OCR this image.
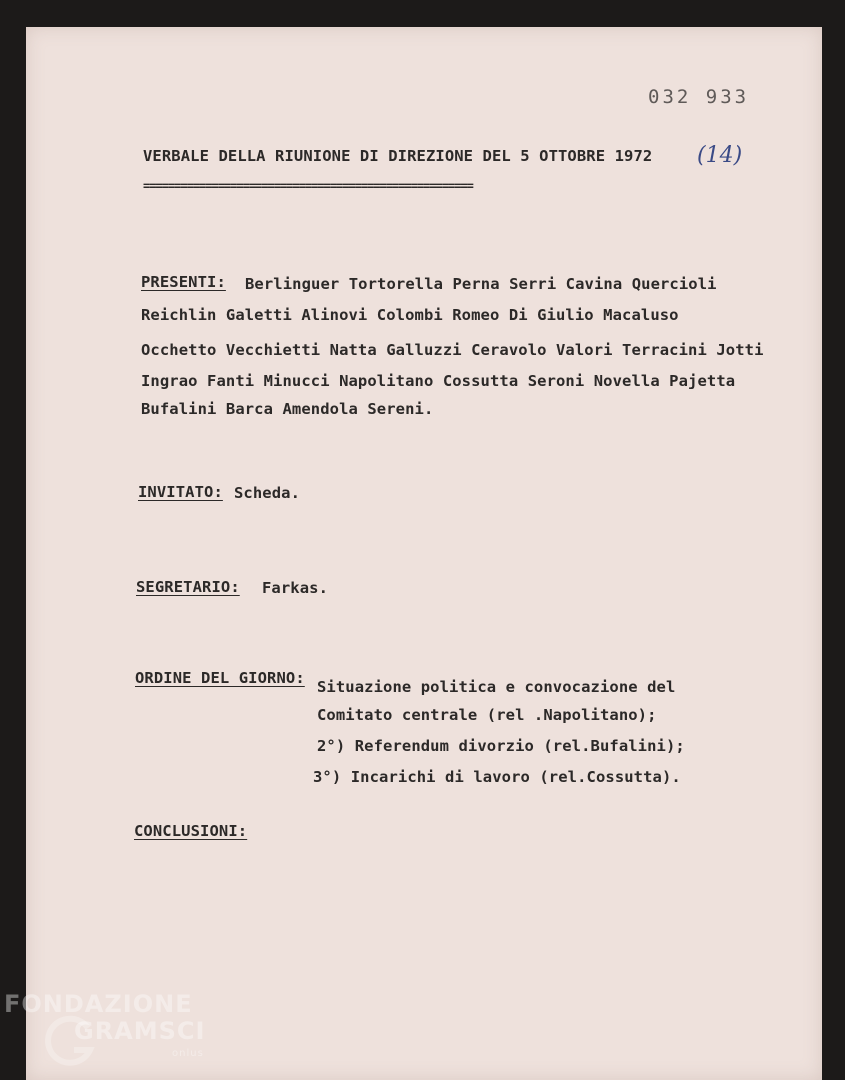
032 933
VERBALE DELLA RIUNIONE DI DIREZIONE DEL 5 OTTOBRE 1972 (14)
=====================================================
PRESENTI: Berlinguer Tortorella Perna Serri Cavina Quercioli
Reichlin Galetti Alinovi Colombi Romeo Di Giulio Macaluso
Occhetto Vecchietti Natta Galluzzi Ceravolo Valori Terracini Jotti
Ingrao Fanti Minucci Napolitano Cossutta Seroni Novella Pajetta
Bufalini Barca Amendola Sereni.
INVITATO: Scheda.
SEGRETARIO: Farkas.
ORDINE DEL GIORNO: Situazione politica e convocazione del
Comitato centrale (rel .Napolitano);
2°) Referendum divorzio (rel.Bufalini);
3°) Incarichi di lavoro (rel.Cossutta).
CONCLUSIONI:
FONDAZIONE
GRAMSCI
onlus
